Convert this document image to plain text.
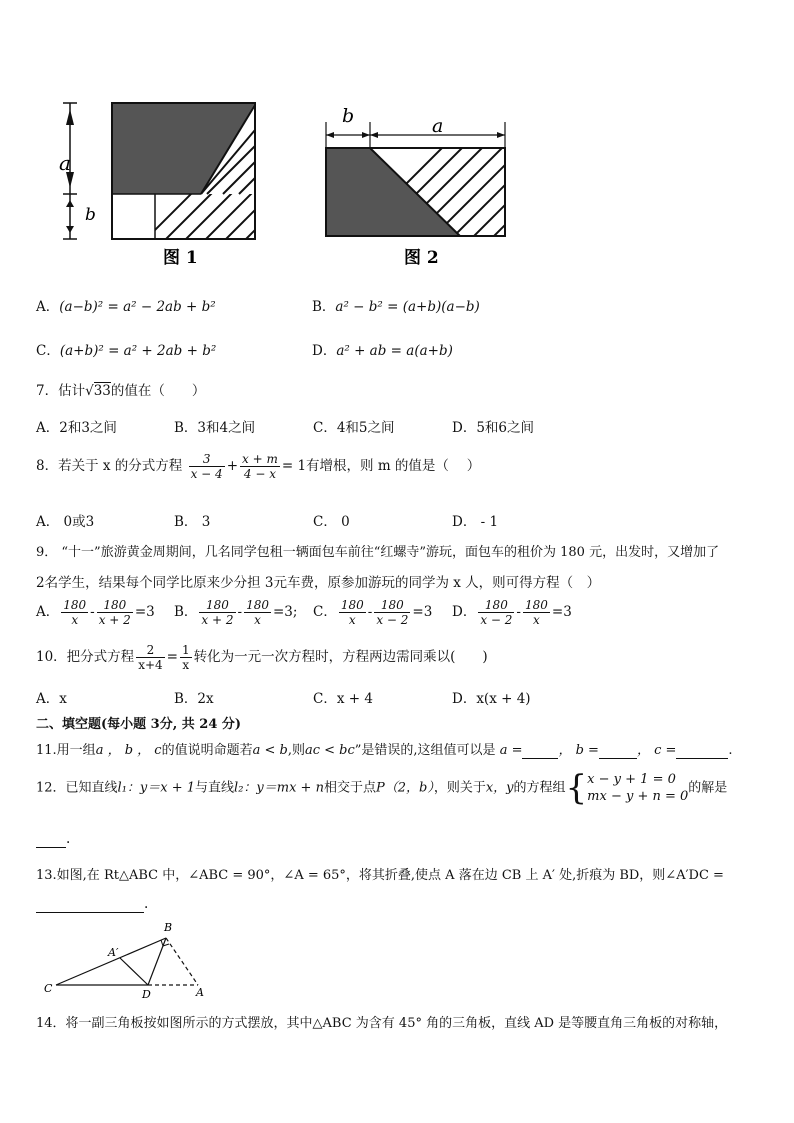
a
b
图 1
b	a
图 2
A．(a−b)² = a² − 2ab + b²	B．a² − b² = (a+b)(a−b)
C．(a+b)² = a² + 2ab + b²	D．a² + ab = a(a+b)
7．估计√33的值在（　　）
A．2和3之间	B．3和4之间	C．4和5之间	D．5和6之间
8．若关于 x 的分式方程 $\frac{3}{x - 4} + \frac{x + m}{4 - x} = 1$有增根，则 m 的值是（　 ）
A． 0或3	B． 3	C． 0	D． - 1
9． “十一”旅游黄金周期间，几名同学包租一辆面包车前往“红螺寺”游玩，面包车的租价为 180 元，出发时，又增加了
2名学生，结果每个同学比原来少分担 3元车费，原参加游玩的同学为 x 人，则可得方程（　）
A． $\frac{180}{x} - \frac{180}{x + 2} =3$ B． $\frac{180}{x + 2} - \frac{180}{x} =3$; C． $\frac{180}{x} - \frac{180}{x - 2} =3$ D． $\frac{180}{x - 2} - \frac{180}{x} =3$
10．把分式方程 $\frac{2}{x+4} = \frac{1}{x}$ 转化为一元一次方程时，方程两边需同乘以(　　)
A．x	B．2x	C．x + 4	D．x(x + 4)
二、填空题(每小题 3分, 共 24 分)
11.用一组a ， b ， c的值说明命题若a < b,则ac < bc”是错误的,这组值可以是 a =	， b =	， c =	.
12．已知直线l₁：y＝x + 1与直线l₂：y＝mx + n相交于点P（2，b），则关于x，y的方程组{ x − y + 1 = 0
mx − y + n = 0
的解是
.
13.如图,在 Rt△ABC 中，∠ABC = 90°，∠A = 65°，将其折叠,使点 A 落在边 CB 上 A′ 处,折痕为 BD，则∠A′DC =
.
B
A′
C	D	A
14．将一副三角板按如图所示的方式摆放，其中△ABC 为含有 45° 角的三角板，直线 AD 是等腰直角三角板的对称轴，
